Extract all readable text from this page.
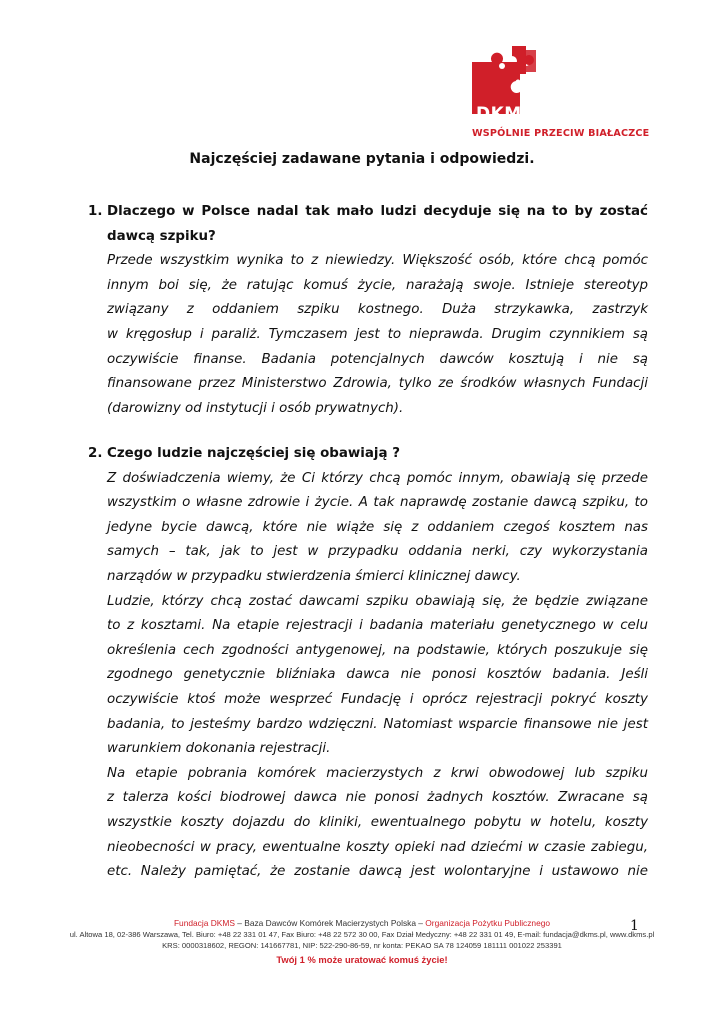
DKMS
WSPÓLNIE PRZECIW BIAŁACZCE
Najczęściej zadawane pytania i odpowiedzi.
1. Dlaczego w Polsce nadal tak mało ludzi decyduje się na to by zostać dawcą szpiku?
Przede wszystkim wynika to z niewiedzy. Większość osób, które chcą pomóc
innym boi się, że ratując komuś życie, narażają swoje. Istnieje stereotyp
związany z oddaniem szpiku kostnego. Duża strzykawka, zastrzyk
w kręgosłup i paraliż. Tymczasem jest to nieprawda. Drugim czynnikiem są
oczywiście finanse. Badania potencjalnych dawców kosztują i nie są
finansowane przez Ministerstwo Zdrowia, tylko ze środków własnych Fundacji
(darowizny od instytucji i osób prywatnych).
2. Czego ludzie najczęściej się obawiają ?
Z doświadczenia wiemy, że Ci którzy chcą pomóc innym, obawiają się przede
wszystkim o własne zdrowie i życie. A tak naprawdę zostanie dawcą szpiku, to
jedyne bycie dawcą, które nie wiąże się z oddaniem czegoś kosztem nas
samych – tak, jak to jest w przypadku oddania nerki, czy wykorzystania
narządów w przypadku stwierdzenia śmierci klinicznej dawcy.
Ludzie, którzy chcą zostać dawcami szpiku obawiają się, że będzie związane
to z kosztami. Na etapie rejestracji i badania materiału genetycznego w celu
określenia cech zgodności antygenowej, na podstawie, których poszukuje się
zgodnego genetycznie bliźniaka dawca nie ponosi kosztów badania. Jeśli
oczywiście ktoś może wesprzeć Fundację i oprócz rejestracji pokryć koszty
badania, to jesteśmy bardzo wdzięczni. Natomiast wsparcie finansowe nie jest
warunkiem dokonania rejestracji.
Na etapie pobrania komórek macierzystych z krwi obwodowej lub szpiku
z talerza kości biodrowej dawca nie ponosi żadnych kosztów. Zwracane są
wszystkie koszty dojazdu do kliniki, ewentualnego pobytu w hotelu, koszty
nieobecności w pracy, ewentualne koszty opieki nad dziećmi w czasie zabiegu,
etc. Należy pamiętać, że zostanie dawcą jest wolontaryjne i ustawowo nie
1
Fundacja DKMS – Baza Dawców Komórek Macierzystych Polska – Organizacja Pożytku Publicznego
ul. Altowa 18, 02-386 Warszawa, Tel. Biuro: +48 22 331 01 47, Fax Biuro: +48 22 572 30 00, Fax Dział Medyczny: +48 22 331 01 49, E-mail: fundacja@dkms.pl, www.dkms.pl
KRS: 0000318602, REGON: 141667781, NIP: 522-290-86-59, nr konta: PEKAO SA 78 124059 181111 001022 253391
Twój 1 % może uratować komuś życie!
